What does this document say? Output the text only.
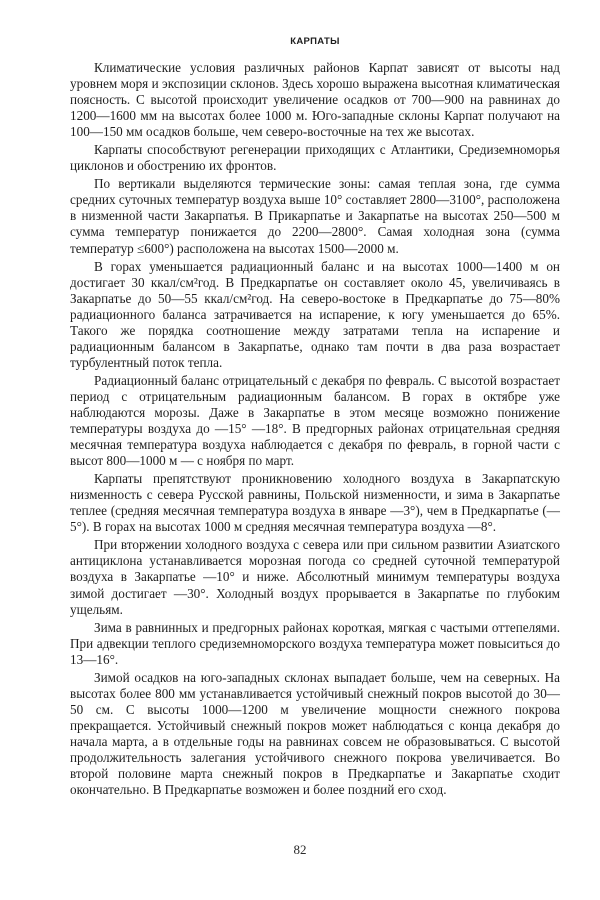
КАРПАТЫ

Климатические условия различных районов Карпат зависят от высоты над уровнем моря и экспозиции склонов. Здесь хорошо выражена высотная климатическая поясность. С высотой происходит увеличение осадков от 700—900 на равнинах до 1200—1600 мм на высотах более 1000 м. Юго-западные склоны Карпат получают на 100—150 мм осадков больше, чем северо-восточные на тех же высотах.

Карпаты способствуют регенерации приходящих с Атлантики, Средиземноморья циклонов и обострению их фронтов.

По вертикали выделяются термические зоны: самая теплая зона, где сумма средних суточных температур воздуха выше 10° составляет 2800—3100°, расположена в низменной части Закарпатья. В Прикарпатье и Закарпатье на высотах 250—500 м сумма температур понижается до 2200—2800°. Самая холодная зона (сумма температур ≤600°) расположена на высотах 1500—2000 м.

В горах уменьшается радиационный баланс и на высотах 1000—1400 м он достигает 30 ккал/см²год. В Предкарпатье он составляет около 45, увеличиваясь в Закарпатье до 50—55 ккал/см²год. На северо-востоке в Предкарпатье до 75—80% радиационного баланса затрачивается на испарение, к югу уменьшается до 65%. Такого же порядка соотношение между затратами тепла на испарение и радиационным балансом в Закарпатье, однако там почти в два раза возрастает турбулентный поток тепла.

Радиационный баланс отрицательный с декабря по февраль. С высотой возрастает период с отрицательным радиационным балансом. В горах в октябре уже наблюдаются морозы. Даже в Закарпатье в этом месяце возможно понижение температуры воздуха до —15° —18°. В предгорных районах отрицательная средняя месячная температура воздуха наблюдается с декабря по февраль, в горной части с высот 800—1000 м — с ноября по март.

Карпаты препятствуют проникновению холодного воздуха в Закарпатскую низменность с севера Русской равнины, Польской низменности, и зима в Закарпатье теплее (средняя месячная температура воздуха в январе —3°), чем в Предкарпатье (—5°). В горах на высотах 1000 м средняя месячная температура воздуха —8°.

При вторжении холодного воздуха с севера или при сильном развитии Азиатского антициклона устанавливается морозная погода со средней суточной температурой воздуха в Закарпатье —10° и ниже. Абсолютный минимум температуры воздуха зимой достигает —30°. Холодный воздух прорывается в Закарпатье по глубоким ущельям.

Зима в равнинных и предгорных районах короткая, мягкая с частыми оттепелями. При адвекции теплого средиземноморского воздуха температура может повыситься до 13—16°.

Зимой осадков на юго-западных склонах выпадает больше, чем на северных. На высотах более 800 мм устанавливается устойчивый снежный покров высотой до 30—50 см. С высоты 1000—1200 м увеличение мощности снежного покрова прекращается. Устойчивый снежный покров может наблюдаться с конца декабря до начала марта, а в отдельные годы на равнинах совсем не образовываться. С высотой продолжительность залегания устойчивого снежного покрова увеличивается. Во второй половине марта снежный покров в Предкарпатье и Закарпатье сходит окончательно. В Предкарпатье возможен и более поздний его сход.

82
